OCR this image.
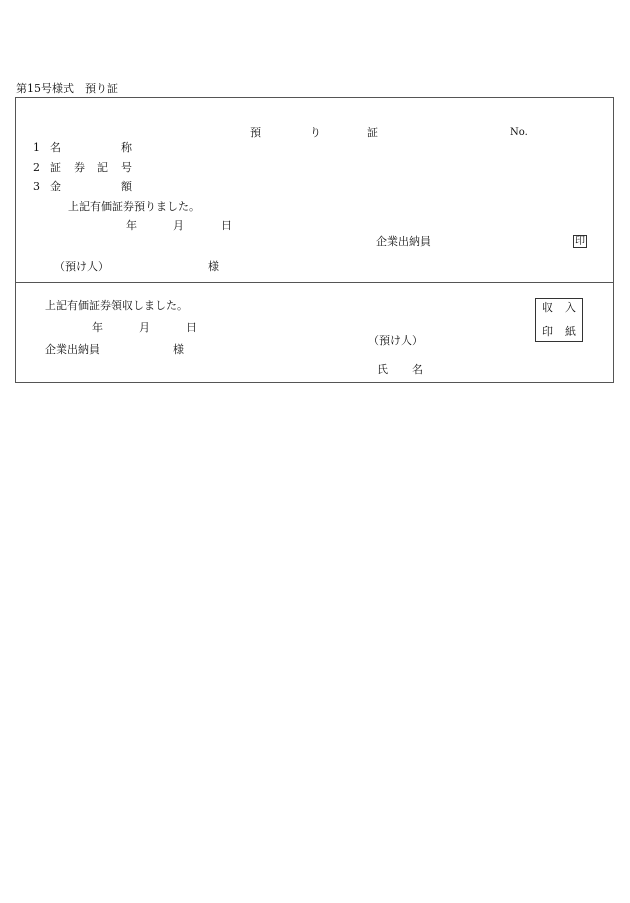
第15号様式　預り証
預	り	証	No.
1 名	称
2 証 券 記 号
3 金	額
上記有価証券預りました。
年	月	日
企業出納員	印
（預け人）	様
上記有価証券領収しました。
年	月	日
企業出納員	様
（預け人）
氏 名
収 入
印 紙
